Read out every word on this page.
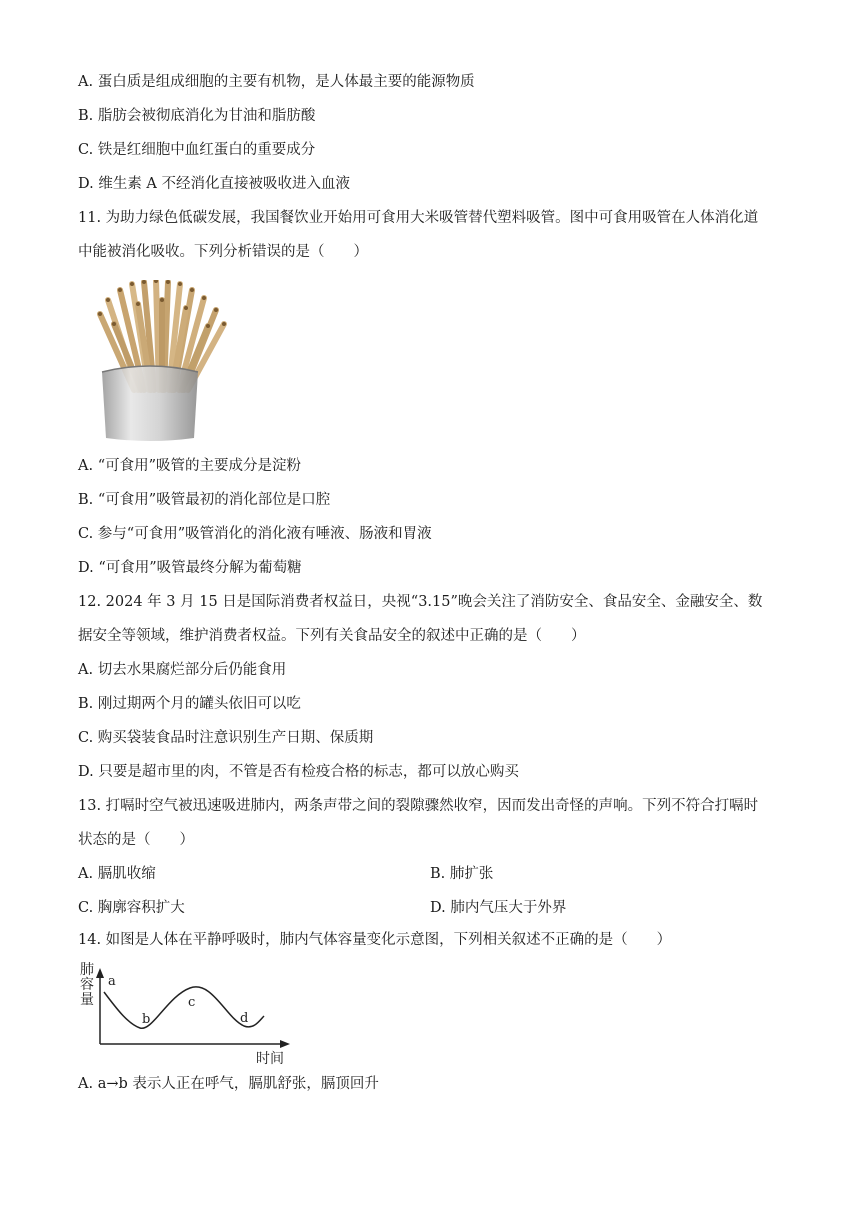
A. 蛋白质是组成细胞的主要有机物，是人体最主要的能源物质
B. 脂肪会被彻底消化为甘油和脂肪酸
C. 铁是红细胞中血红蛋白的重要成分
D. 维生素 A 不经消化直接被吸收进入血液
11. 为助力绿色低碳发展，我国餐饮业开始用可食用大米吸管替代塑料吸管。图中可食用吸管在人体消化道
中能被消化吸收。下列分析错误的是（　　）
A. “可食用”吸管的主要成分是淀粉
B. “可食用”吸管最初的消化部位是口腔
C. 参与“可食用”吸管消化的消化液有唾液、肠液和胃液
D. “可食用”吸管最终分解为葡萄糖
12. 2024 年 3 月 15 日是国际消费者权益日，央视“3.15”晚会关注了消防安全、食品安全、金融安全、数
据安全等领域，维护消费者权益。下列有关食品安全的叙述中正确的是（　　）
A. 切去水果腐烂部分后仍能食用
B. 刚过期两个月的罐头依旧可以吃
C. 购买袋装食品时注意识别生产日期、保质期
D. 只要是超市里的肉，不管是否有检疫合格的标志，都可以放心购买
13. 打嗝时空气被迅速吸进肺内，两条声带之间的裂隙骤然收窄，因而发出奇怪的声响。下列不符合打嗝时
状态的是（　　）
A. 膈肌收缩	B. 肺扩张
C. 胸廓容积扩大	D. 肺内气压大于外界
14. 如图是人体在平静呼吸时，肺内气体容量变化示意图，下列相关叙述不正确的是（　　）
肺
容
量
时间
a
b
c
d
A. a→b 表示人正在呼气，膈肌舒张，膈顶回升
